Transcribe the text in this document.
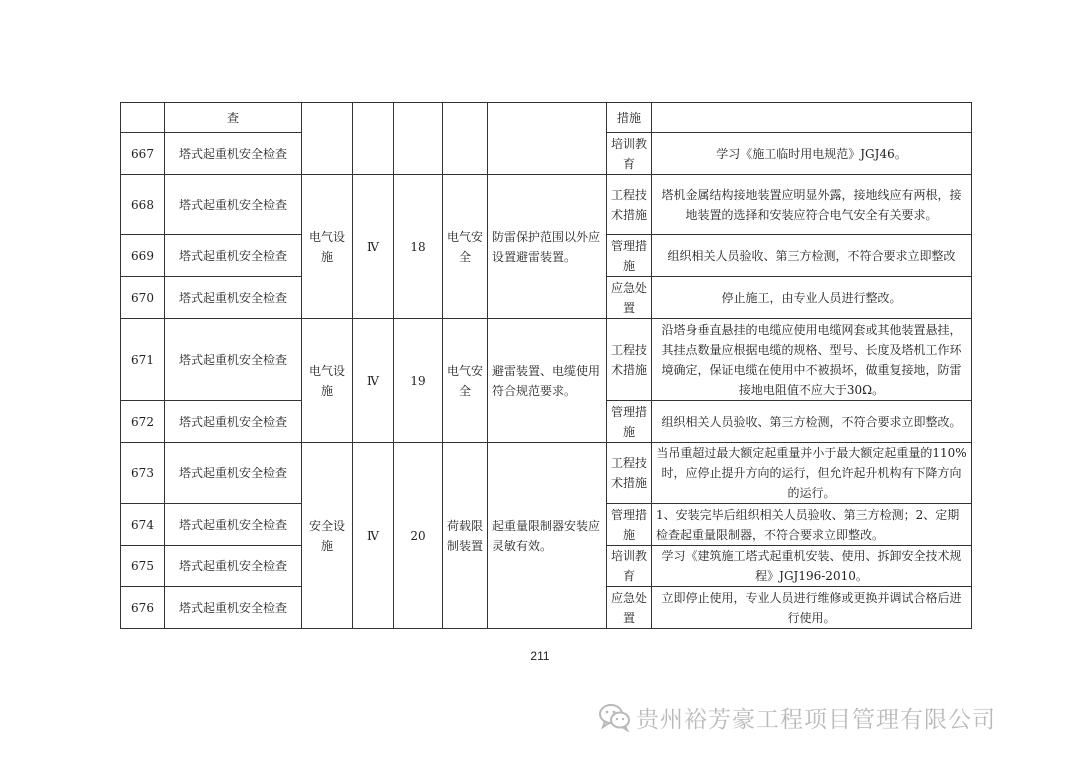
	查						措施	
667	塔式起重机安全检查						培训教育	学习《施工临时用电规范》JGJ46。
668	塔式起重机安全检查	电气设施	Ⅳ	18	电气安全	防雷保护范围以外应设置避雷装置。	工程技术措施	塔机金属结构接地装置应明显外露，接地线应有两根，接地装置的选择和安装应符合电气安全有关要求。
669	塔式起重机安全检查						管理措施	组织相关人员验收、第三方检测，不符合要求立即整改
670	塔式起重机安全检查						应急处置	停止施工，由专业人员进行整改。
671	塔式起重机安全检查	电气设施	Ⅳ	19	电气安全	避雷装置、电缆使用符合规范要求。	工程技术措施	沿塔身垂直悬挂的电缆应使用电缆网套或其他装置悬挂，其挂点数量应根据电缆的规格、型号、长度及塔机工作环境确定，保证电缆在使用中不被损坏，做重复接地，防雷接地电阻值不应大于30Ω。
672	塔式起重机安全检查						管理措施	组织相关人员验收、第三方检测，不符合要求立即整改。
673	塔式起重机安全检查	安全设施	Ⅳ	20	荷载限制装置	起重量限制器安装应灵敏有效。	工程技术措施	当吊重超过最大额定起重量并小于最大额定起重量的110%时，应停止提升方向的运行，但允许起升机构有下降方向的运行。
674	塔式起重机安全检查						管理措施	1、安装完毕后组织相关人员验收、第三方检测；2、定期检查起重量限制器，不符合要求立即整改。
675	塔式起重机安全检查						培训教育	学习《建筑施工塔式起重机安装、使用、拆卸安全技术规程》JGJ196-2010。
676	塔式起重机安全检查						应急处置	立即停止使用，专业人员进行维修或更换并调试合格后进行使用。
211
贵州裕芳豪工程项目管理有限公司
